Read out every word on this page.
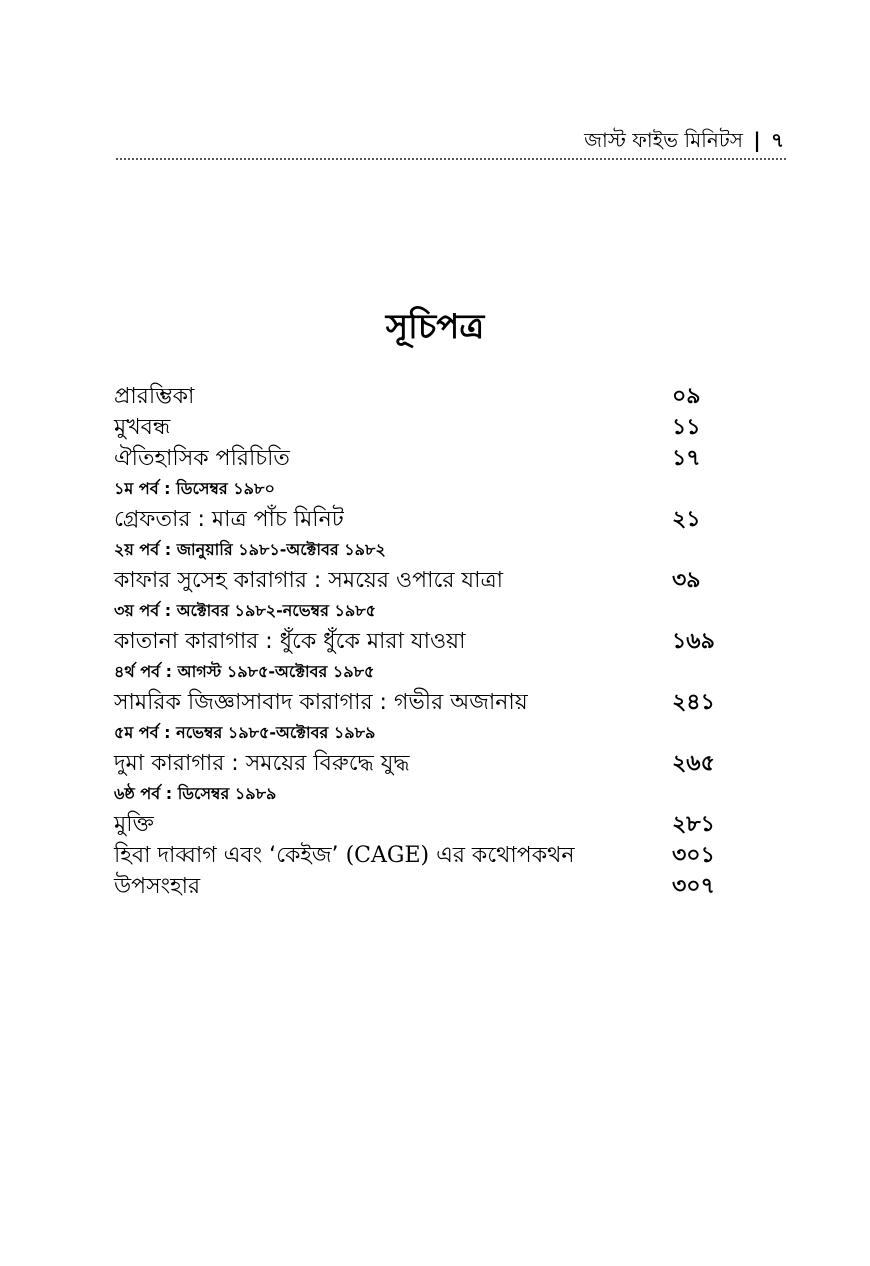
জাস্ট ফাইভ মিনিটস | ৭
সূচিপত্র
প্রারম্ভিকা	০৯
মুখবন্ধ	১১
ঐতিহাসিক পরিচিতি	১৭
১ম পর্ব : ডিসেম্বর ১৯৮০
গ্রেফতার : মাত্র পাঁচ মিনিট	২১
২য় পর্ব : জানুয়ারি ১৯৮১-অক্টোবর ১৯৮২
কাফার সুসেহ কারাগার : সময়ের ওপারে যাত্রা	৩৯
৩য় পর্ব : অক্টোবর ১৯৮২-নভেম্বর ১৯৮৫
কাতানা কারাগার : ধুঁকে ধুঁকে মারা যাওয়া	১৬৯
৪র্থ পর্ব : আগস্ট ১৯৮৫-অক্টোবর ১৯৮৫
সামরিক জিজ্ঞাসাবাদ কারাগার : গভীর অজানায়	২৪১
৫ম পর্ব : নভেম্বর ১৯৮৫-অক্টোবর ১৯৮৯
দুমা কারাগার : সময়ের বিরুদ্ধে যুদ্ধ	২৬৫
৬ষ্ঠ পর্ব : ডিসেম্বর ১৯৮৯
মুক্তি	২৮১
হিবা দাব্বাগ এবং ‘কেইজ’ (CAGE) এর কথোপকথন	৩০১
উপসংহার	৩০৭
